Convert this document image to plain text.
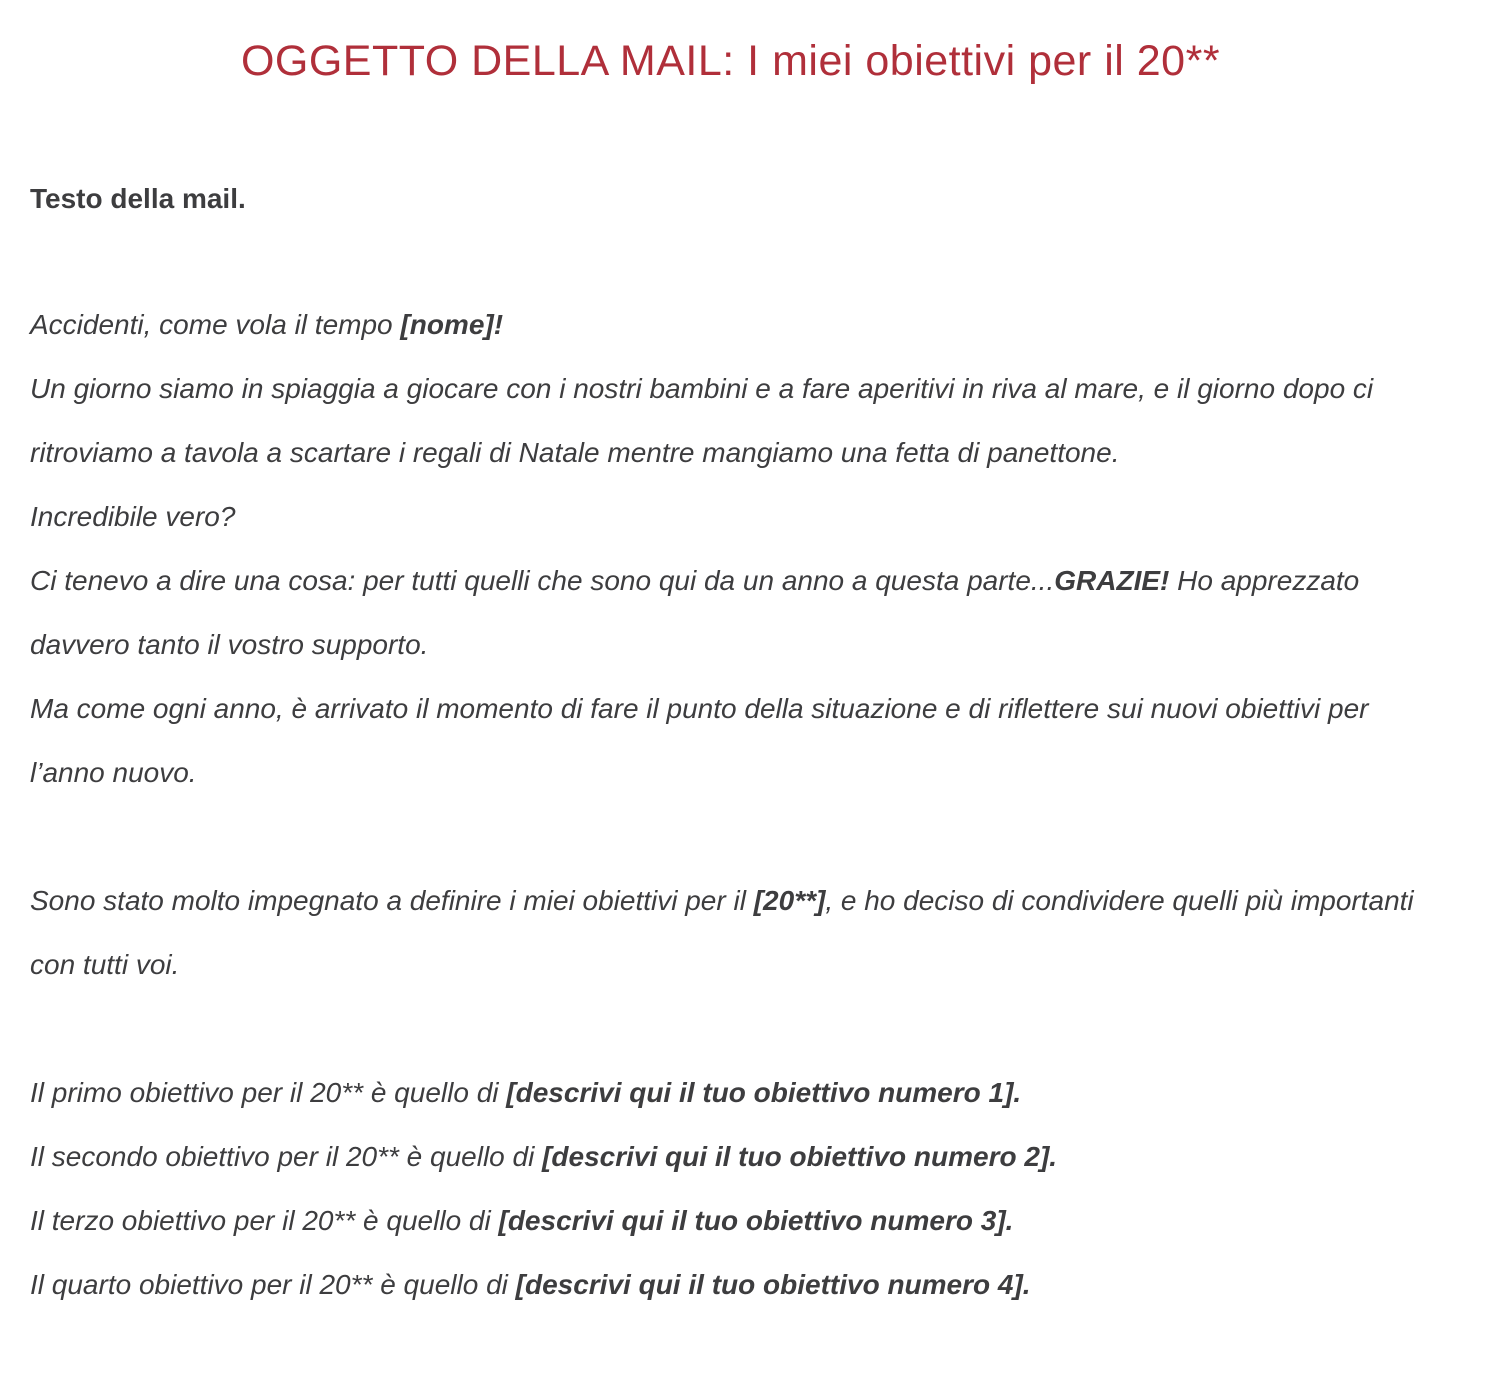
OGGETTO DELLA MAIL: I miei obiettivi per il 20**

Testo della mail.

Accidenti, come vola il tempo [nome]!

Un giorno siamo in spiaggia a giocare con i nostri bambini e a fare aperitivi in riva al mare, e il giorno dopo ci ritroviamo a tavola a scartare i regali di Natale mentre mangiamo una fetta di panettone.

Incredibile vero?

Ci tenevo a dire una cosa: per tutti quelli che sono qui da un anno a questa parte...GRAZIE! Ho apprezzato davvero tanto il vostro supporto.

Ma come ogni anno, è arrivato il momento di fare il punto della situazione e di riflettere sui nuovi obiettivi per l’anno nuovo.

Sono stato molto impegnato a definire i miei obiettivi per il [20**], e ho deciso di condividere quelli più importanti con tutti voi.

Il primo obiettivo per il 20** è quello di [descrivi qui il tuo obiettivo numero 1].

Il secondo obiettivo per il 20** è quello di [descrivi qui il tuo obiettivo numero 2].

Il terzo obiettivo per il 20** è quello di [descrivi qui il tuo obiettivo numero 3].

Il quarto obiettivo per il 20** è quello di [descrivi qui il tuo obiettivo numero 4].
